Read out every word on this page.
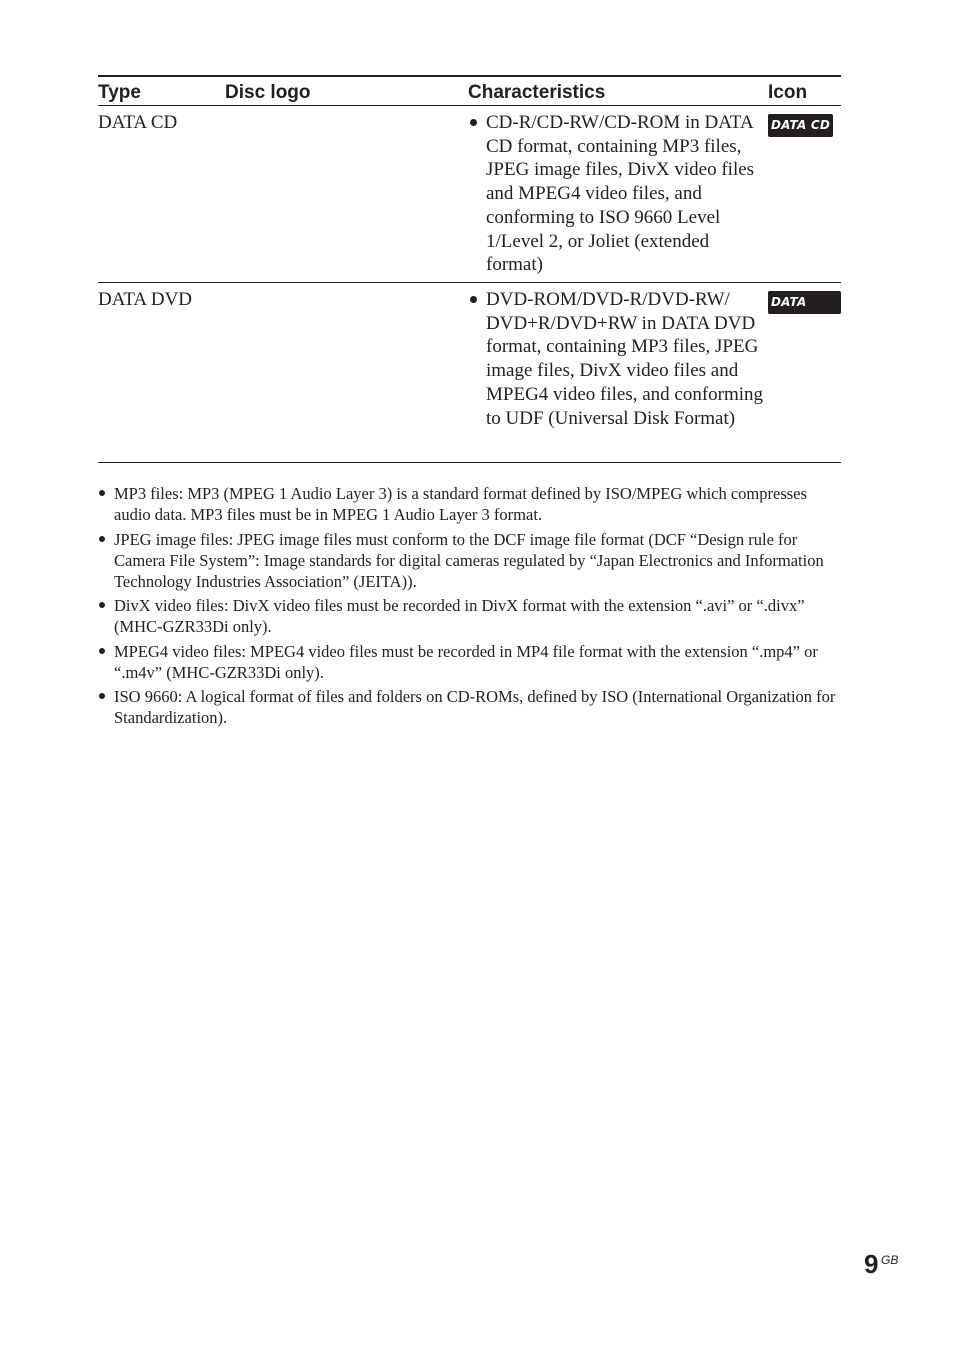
Type	Disc logo	Characteristics	Icon
DATA CD		CD-R/CD-RW/CD-ROM in DATA CD format, containing MP3 files, JPEG image files, DivX video files and MPEG4 video files, and conforming to ISO 9660 Level 1/Level 2, or Joliet (extended format)	DATA CD
DATA DVD		DVD-ROM/DVD-R/DVD-RW/ DVD+R/DVD+RW in DATA DVD format, containing MP3 files, JPEG image files, DivX video files and MPEG4 video files, and conforming to UDF (Universal Disk Format)	DATA DVD
MP3 files: MP3 (MPEG 1 Audio Layer 3) is a standard format defined by ISO/MPEG which compresses audio data. MP3 files must be in MPEG 1 Audio Layer 3 format.
JPEG image files: JPEG image files must conform to the DCF image file format (DCF “Design rule for Camera File System”: Image standards for digital cameras regulated by “Japan Electronics and Information Technology Industries Association” (JEITA)).
DivX video files: DivX video files must be recorded in DivX format with the extension “.avi” or “.divx” (MHC-GZR33Di only).
MPEG4 video files: MPEG4 video files must be recorded in MP4 file format with the extension “.mp4” or “.m4v” (MHC-GZR33Di only).
ISO 9660: A logical format of files and folders on CD-ROMs, defined by ISO (International Organization for Standardization).
9 GB
